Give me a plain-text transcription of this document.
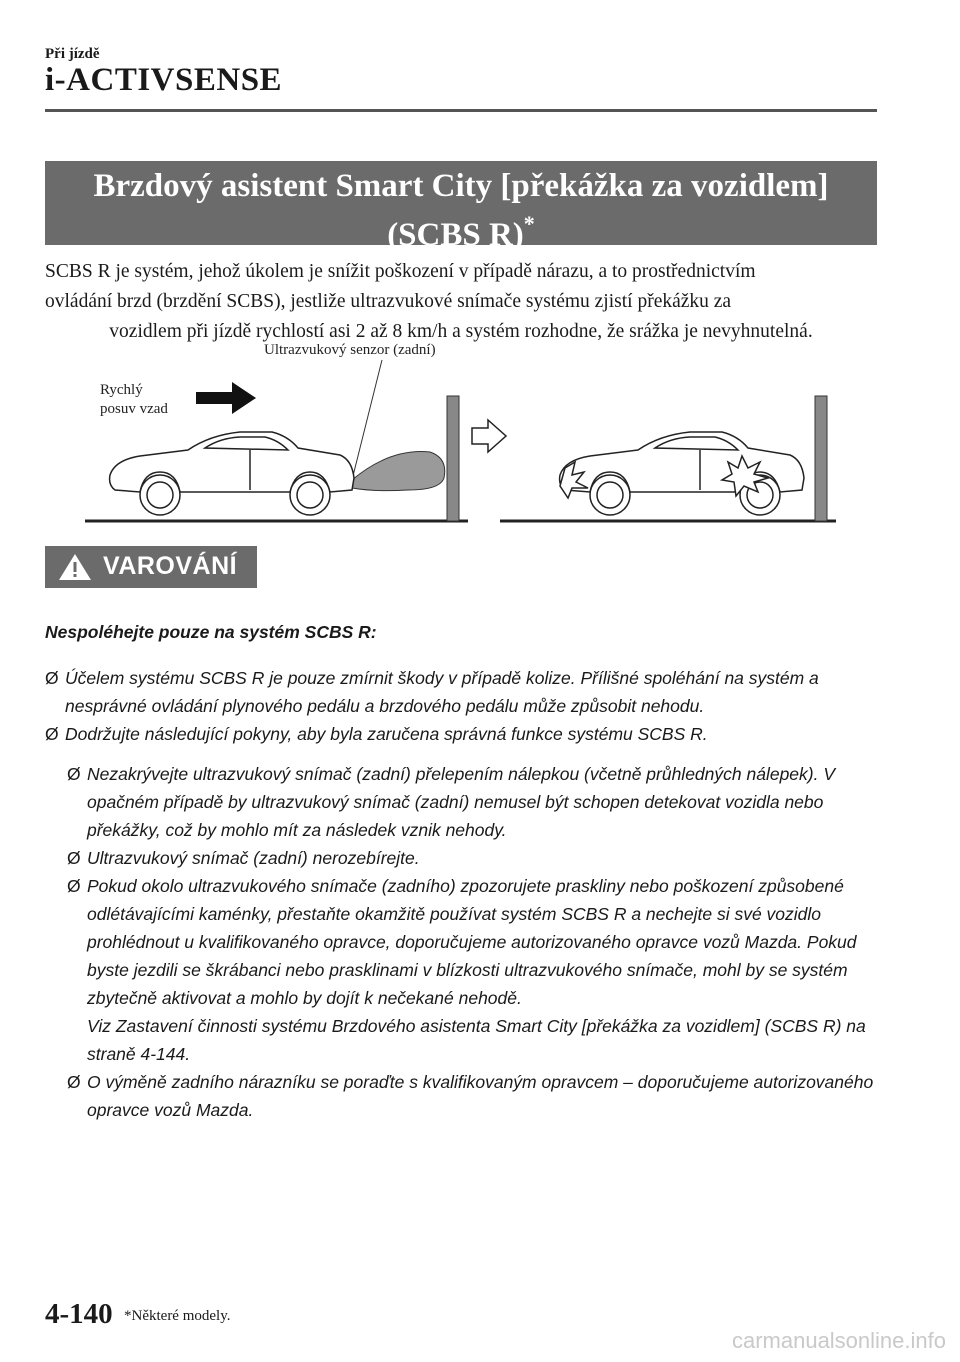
Při jízdě
i-ACTIVSENSE
Brzdový asistent Smart City [překážka za vozidlem]
(SCBS R)*
SCBS R je systém, jehož úkolem je snížit poškození v případě nárazu, a to prostřednictvím
ovládání brzd (brzdění SCBS), jestliže ultrazvukové snímače systému zjistí překážku za
vozidlem při jízdě rychlostí asi 2 až 8 km/h a systém rozhodne, že srážka je nevyhnutelná.
Ultrazvukový senzor (zadní)
Rychlý
posuv vzad
VAROVÁNÍ
Nespoléhejte pouze na systém SCBS R:
Ø Účelem systému SCBS R je pouze zmírnit škody v případě kolize. Přílišné spoléhání na systém a nesprávné ovládání plynového pedálu a brzdového pedálu může způsobit nehodu.

Ø Dodržujte následující pokyny, aby byla zaručena správná funkce systému SCBS R.

Ø Nezakrývejte ultrazvukový snímač (zadní) přelepením nálepkou (včetně průhledných nálepek). V opačném případě by ultrazvukový snímač (zadní) nemusel být schopen detekovat vozidla nebo překážky, což by mohlo mít za následek vznik nehody.

Ø Ultrazvukový snímač (zadní) nerozebírejte.

Ø Pokud okolo ultrazvukového snímače (zadního) zpozorujete praskliny nebo poškození způsobené odlétávajícími kaménky, přestaňte okamžitě používat systém SCBS R a nechejte si své vozidlo prohlédnout u kvalifikovaného opravce, doporučujeme autorizovaného opravce vozů Mazda. Pokud byste jezdili se škrábanci nebo prasklinami v blízkosti ultrazvukového snímače, mohl by se systém zbytečně aktivovat a mohlo by dojít k nečekané nehodě.

Viz Zastavení činnosti systému Brzdového asistenta Smart City [překážka za vozidlem] (SCBS R) na straně 4-144.

Ø O výměně zadního nárazníku se poraďte s kvalifikovaným opravcem – doporučujeme autorizovaného opravce vozů Mazda.

4-140 *Některé modely.
carmanualsonline.info
